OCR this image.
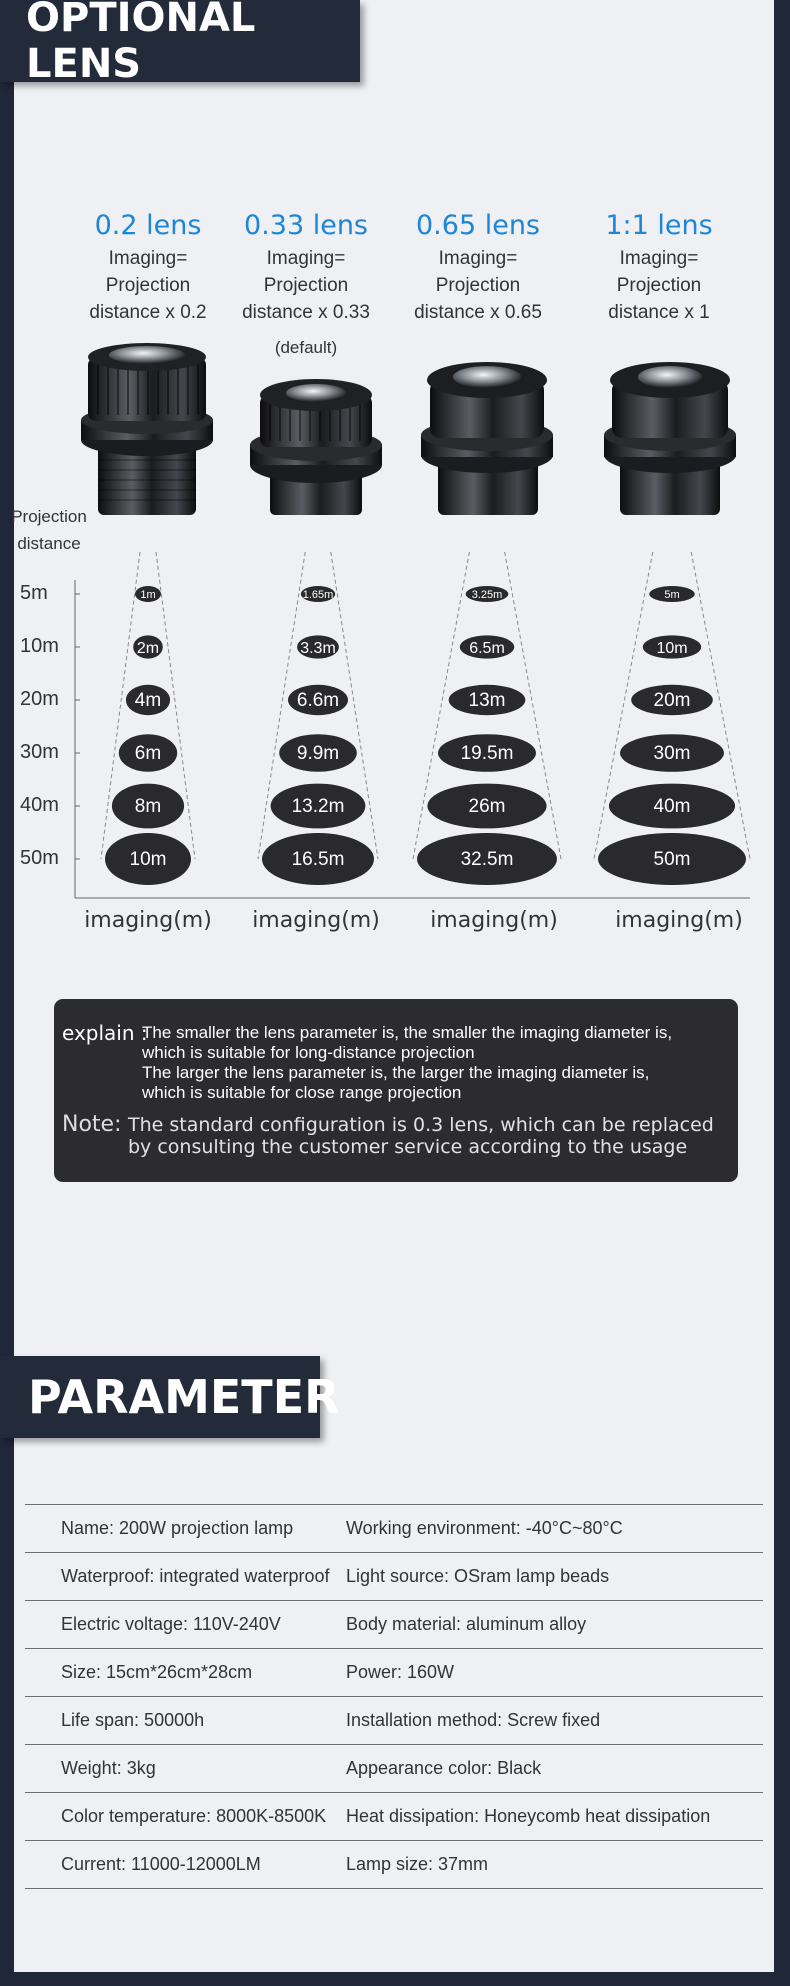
OPTIONAL LENS
0.2 lens
Imaging=
Projection
distance x 0.2
0.33 lens
Imaging=
Projection
distance x 0.33
(default)
0.65 lens
Imaging=
Projection
distance x 0.65
1:1 lens
Imaging=
Projection
distance x 1
Projection distance
5m
10m
20m
30m
40m
50m
1m
2m
4m
6m
8m
10m
1.65m
3.3m
6.6m
9.9m
13.2m
16.5m
3.25m
6.5m
13m
19.5m
26m
32.5m
5m
10m
20m
30m
40m
50m
imaging(m)	imaging(m)	imaging(m)	imaging(m)
explain :
The smaller the lens parameter is, the smaller the imaging diameter is,
which is suitable for long-distance projection
The larger the lens parameter is, the larger the imaging diameter is,
which is suitable for close range projection
Note: The standard configuration is 0.3 lens, which can be replaced
by consulting the customer service according to the usage
PARAMETER
Name: 200W projection lamp	Working environment: -40°C~80°C
Waterproof: integrated waterproof Light source: OSram lamp beads
Electric voltage: 110V-240V	Body material: aluminum alloy
Size: 15cm*26cm*28cm	Power: 160W
Life span: 50000h	Installation method: Screw fixed
Weight: 3kg	Appearance color: Black
Color temperature: 8000K-8500K	Heat dissipation: Honeycomb heat dissipation
Current: 11000-12000LM	Lamp size: 37mm
